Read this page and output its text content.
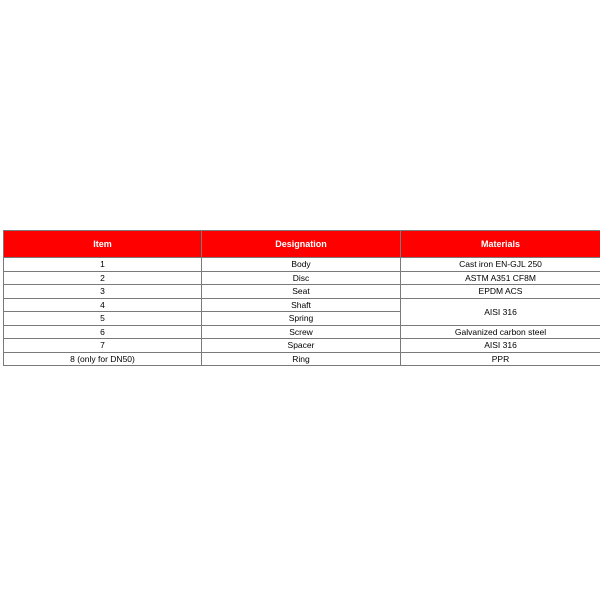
Item	Designation	Materials
1	Body	Cast iron EN-GJL 250
2	Disc	ASTM A351 CF8M
3	Seat	EPDM ACS
4	Shaft	AISI 316
5	Spring	
6	Screw	Galvanized carbon steel
7	Spacer	AISI 316
8 (only for DN50)	Ring	PPR
